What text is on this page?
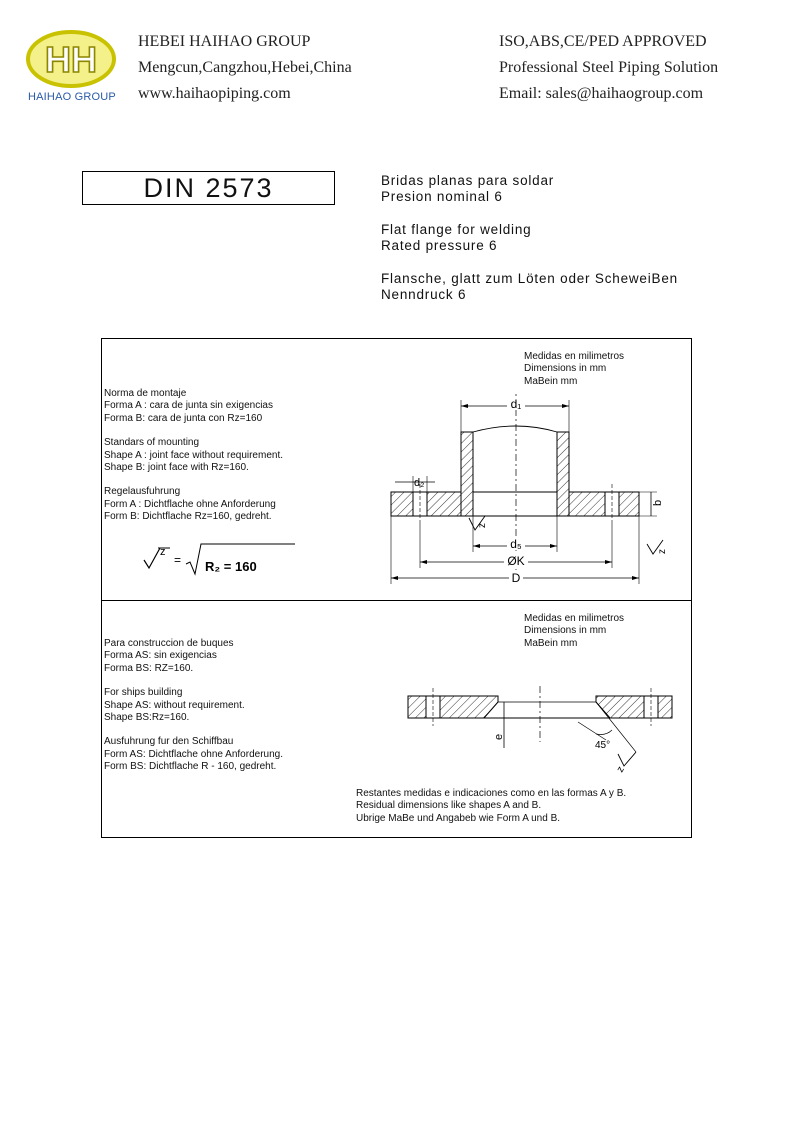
HH
HAIHAO GROUP
HEBEI HAIHAO GROUP
Mengcun,Cangzhou,Hebei,China
www.haihaopiping.com
ISO,ABS,CE/PED APPROVED
Professional Steel Piping Solution
Email: sales@haihaogroup.com
DIN 2573	Bridas planas para soldar
Presion nominal 6
Flat flange for welding
Rated pressure 6
Flansche, glatt zum Löten oder ScheweiBen
Nenndruck 6
Medidas en milimetros
Dimensions in mm
MaBein mm
Norma de montaje
Forma A : cara de junta sin exigencias
Forma B: cara de junta con Rz=160
Standars of mounting
Shape A : joint face without requirement.
Shape B: joint face with Rz=160.
Regelausfuhrung
Form A : Dichtflache ohne Anforderung
Form B: Dichtflache Rz=160, gedreht.
z
= R₂ = 160
d₁
d₂
b
d₅
ØK
D
z
z
Medidas en milimetros
Dimensions in mm
MaBein mm
Para construccion de buques
Forma AS: sin exigencias
Forma BS: RZ=160.
For ships building
Shape AS: without requirement.
Shape BS:Rz=160.
Ausfuhrung fur den Schiffbau
Form AS: Dichtflache ohne Anforderung.
Form BS: Dichtflache R - 160, gedreht.
e
45°
z
Restantes medidas e indicaciones como en las formas A y B.
Residual dimensions like shapes A and B.
Ubrige MaBe und Angabeb wie Form A und B.
